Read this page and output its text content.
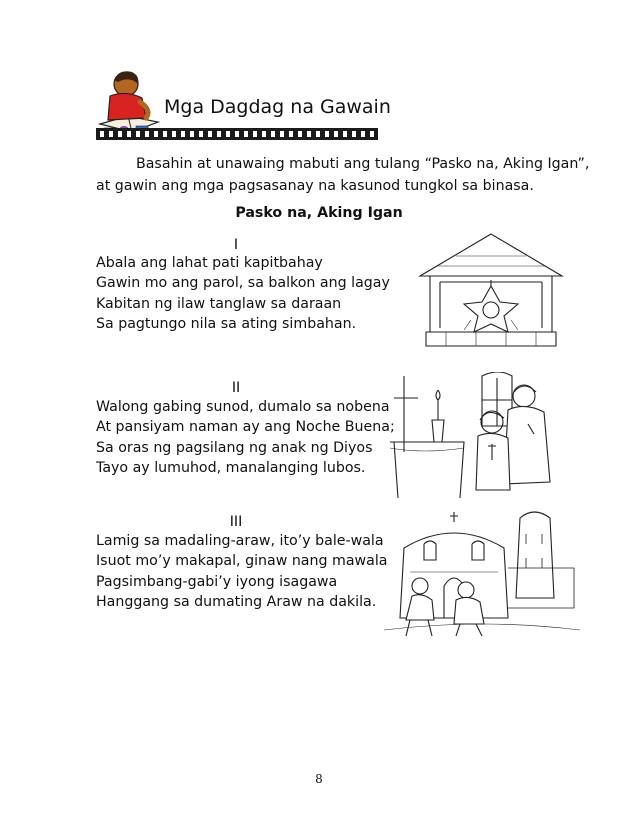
Mga Dagdag na Gawain
Basahin at unawaing mabuti ang tulang “Pasko na, Aking Igan”,
at gawin ang mga pagsasanay na kasunod tungkol sa binasa.
Pasko na, Aking Igan
I
Abala ang lahat pati kapitbahay
Gawin mo ang parol, sa balkon ang lagay
Kabitan ng ilaw tanglaw sa daraan
Sa pagtungo nila sa ating simbahan.
II
Walong gabing sunod, dumalo sa nobena
At pansiyam naman ay ang Noche Buena;
Sa oras ng pagsilang ng anak ng Diyos
Tayo ay lumuhod, manalanging lubos.
III
Lamig sa madaling-araw, ito’y bale-wala
Isuot mo’y makapal, ginaw nang mawala
Pagsimbang-gabi’y iyong isagawa
Hanggang sa dumating Araw na dakila.
8
